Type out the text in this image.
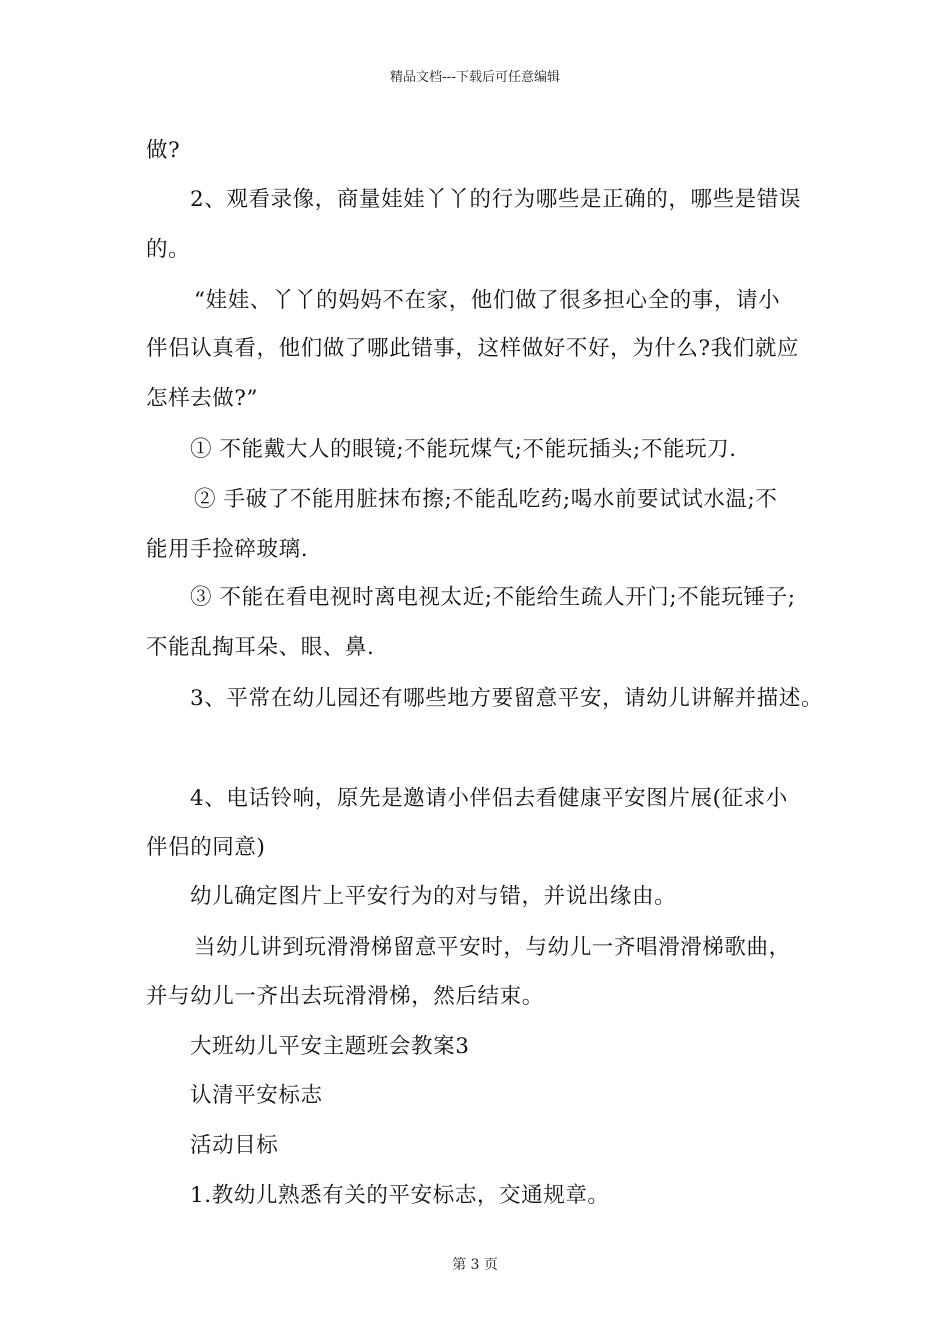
精品文档---下载后可任意编辑
做?
2、观看录像，商量娃娃丫丫的行为哪些是正确的，哪些是错误
的。
“娃娃、丫丫的妈妈不在家，他们做了很多担心全的事，请小
伴侣认真看，他们做了哪此错事，这样做好不好，为什么?我们就应
怎样去做?”
① 不能戴大人的眼镜;不能玩煤气;不能玩插头;不能玩刀.
② 手破了不能用脏抹布擦;不能乱吃药;喝水前要试试水温;不
能用手捡碎玻璃.
③ 不能在看电视时离电视太近;不能给生疏人开门;不能玩锤子;
不能乱掏耳朵、眼、鼻.
3、平常在幼儿园还有哪些地方要留意平安，请幼儿讲解并描述。
4、电话铃响，原先是邀请小伴侣去看健康平安图片展(征求小
伴侣的同意)
幼儿确定图片上平安行为的对与错，并说出缘由。
当幼儿讲到玩滑滑梯留意平安时，与幼儿一齐唱滑滑梯歌曲，
并与幼儿一齐出去玩滑滑梯，然后结束。
大班幼儿平安主题班会教案3
认清平安标志
活动目标
1.教幼儿熟悉有关的平安标志，交通规章。
第 3 页
